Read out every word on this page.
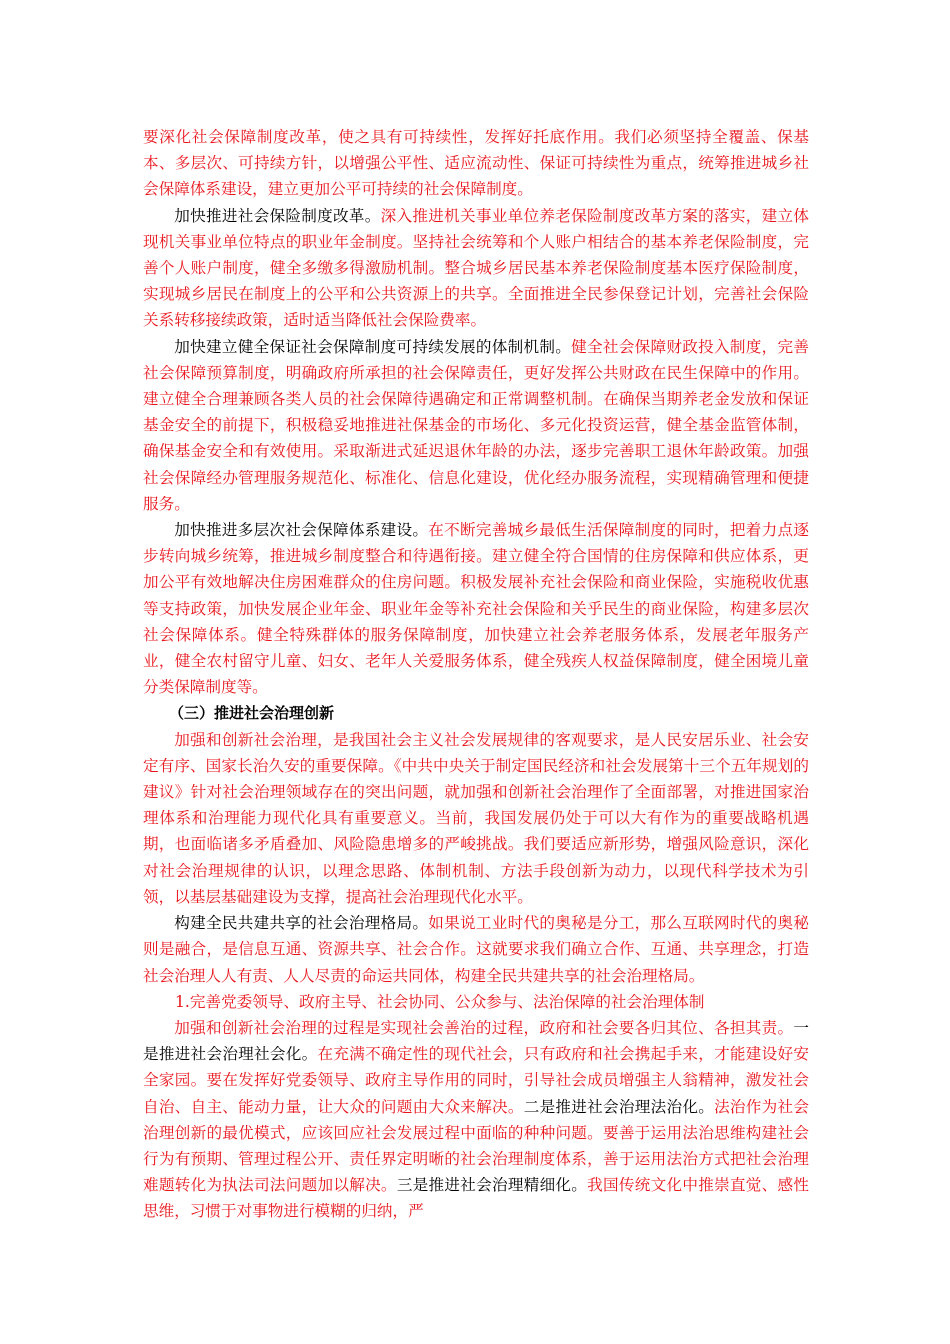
要深化社会保障制度改革，使之具有可持续性，发挥好托底作用。我们必须坚持全覆盖、保基本、多层次、可持续方针，以增强公平性、适应流动性、保证可持续性为重点，统筹推进城乡社会保障体系建设，建立更加公平可持续的社会保障制度。

加快推进社会保险制度改革。深入推进机关事业单位养老保险制度改革方案的落实，建立体现机关事业单位特点的职业年金制度。坚持社会统筹和个人账户相结合的基本养老保险制度，完善个人账户制度，健全多缴多得激励机制。整合城乡居民基本养老保险制度基本医疗保险制度，实现城乡居民在制度上的公平和公共资源上的共享。全面推进全民参保登记计划，完善社会保险关系转移接续政策，适时适当降低社会保险费率。

加快建立健全保证社会保障制度可持续发展的体制机制。健全社会保障财政投入制度，完善社会保障预算制度，明确政府所承担的社会保障责任，更好发挥公共财政在民生保障中的作用。建立健全合理兼顾各类人员的社会保障待遇确定和正常调整机制。在确保当期养老金发放和保证基金安全的前提下，积极稳妥地推进社保基金的市场化、多元化投资运营，健全基金监管体制，确保基金安全和有效使用。采取渐进式延迟退休年龄的办法，逐步完善职工退休年龄政策。加强社会保障经办管理服务规范化、标准化、信息化建设，优化经办服务流程，实现精确管理和便捷服务。

加快推进多层次社会保障体系建设。在不断完善城乡最低生活保障制度的同时，把着力点逐步转向城乡统筹，推进城乡制度整合和待遇衔接。建立健全符合国情的住房保障和供应体系，更加公平有效地解决住房困难群众的住房问题。积极发展补充社会保险和商业保险，实施税收优惠等支持政策，加快发展企业年金、职业年金等补充社会保险和关乎民生的商业保险，构建多层次社会保障体系。健全特殊群体的服务保障制度，加快建立社会养老服务体系，发展老年服务产业，健全农村留守儿童、妇女、老年人关爱服务体系，健全残疾人权益保障制度，健全困境儿童分类保障制度等。

（三）推进社会治理创新

加强和创新社会治理，是我国社会主义社会发展规律的客观要求，是人民安居乐业、社会安定有序、国家长治久安的重要保障。《中共中央关于制定国民经济和社会发展第十三个五年规划的建议》针对社会治理领域存在的突出问题，就加强和创新社会治理作了全面部署，对推进国家治理体系和治理能力现代化具有重要意义。当前，我国发展仍处于可以大有作为的重要战略机遇期，也面临诸多矛盾叠加、风险隐患增多的严峻挑战。我们要适应新形势，增强风险意识，深化对社会治理规律的认识，以理念思路、体制机制、方法手段创新为动力，以现代科学技术为引领，以基层基础建设为支撑，提高社会治理现代化水平。

构建全民共建共享的社会治理格局。如果说工业时代的奥秘是分工，那么互联网时代的奥秘则是融合，是信息互通、资源共享、社会合作。这就要求我们确立合作、互通、共享理念，打造社会治理人人有责、人人尽责的命运共同体，构建全民共建共享的社会治理格局。

1.完善党委领导、政府主导、社会协同、公众参与、法治保障的社会治理体制

加强和创新社会治理的过程是实现社会善治的过程，政府和社会要各归其位、各担其责。一是推进社会治理社会化。在充满不确定性的现代社会，只有政府和社会携起手来，才能建设好安全家园。要在发挥好党委领导、政府主导作用的同时，引导社会成员增强主人翁精神，激发社会自治、自主、能动力量，让大众的问题由大众来解决。二是推进社会治理法治化。法治作为社会治理创新的最优模式，应该回应社会发展过程中面临的种种问题。要善于运用法治思维构建社会行为有预期、管理过程公开、责任界定明晰的社会治理制度体系，善于运用法治方式把社会治理难题转化为执法司法问题加以解决。三是推进社会治理精细化。我国传统文化中推崇直觉、感性思维，习惯于对事物进行模糊的归纳，严
